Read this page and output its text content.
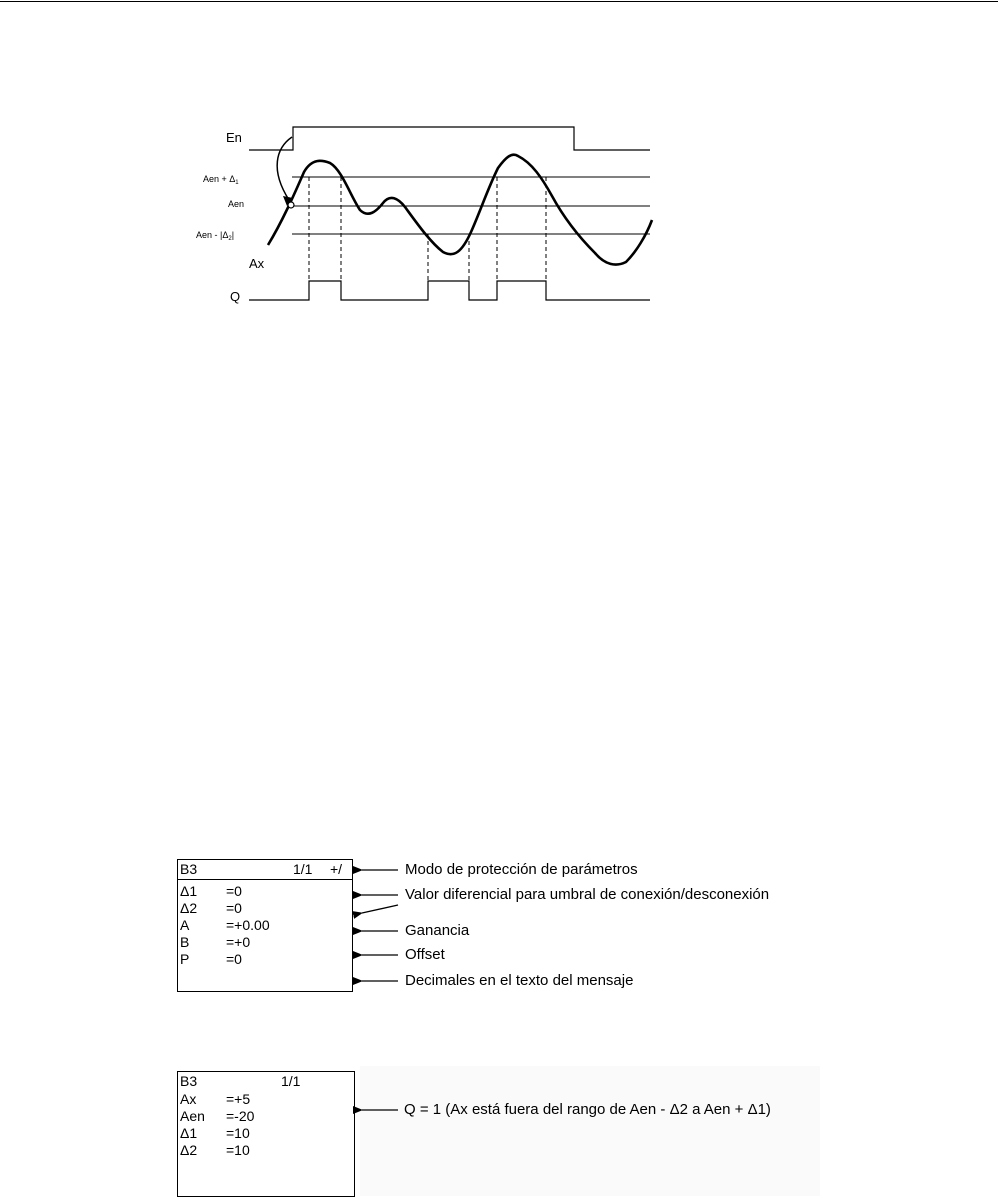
En
Aen + $\Delta_1$
Aen
Aen - $|\Delta_2|$
Ax
Q
B3	1/1 +/
Δ1 =0
Δ2 =0
A	=+0.00
B	=+0
P	=0
Modo de protección de parámetros
Valor diferencial para umbral de conexión/desconexión
Ganancia
Offset
Decimales en el texto del mensaje
B3	1/1
Ax =+5
Aen =-20
Δ1 =10
Δ2 =10
Q = 1 (Ax está fuera del rango de Aen - Δ2 a Aen + Δ1)
